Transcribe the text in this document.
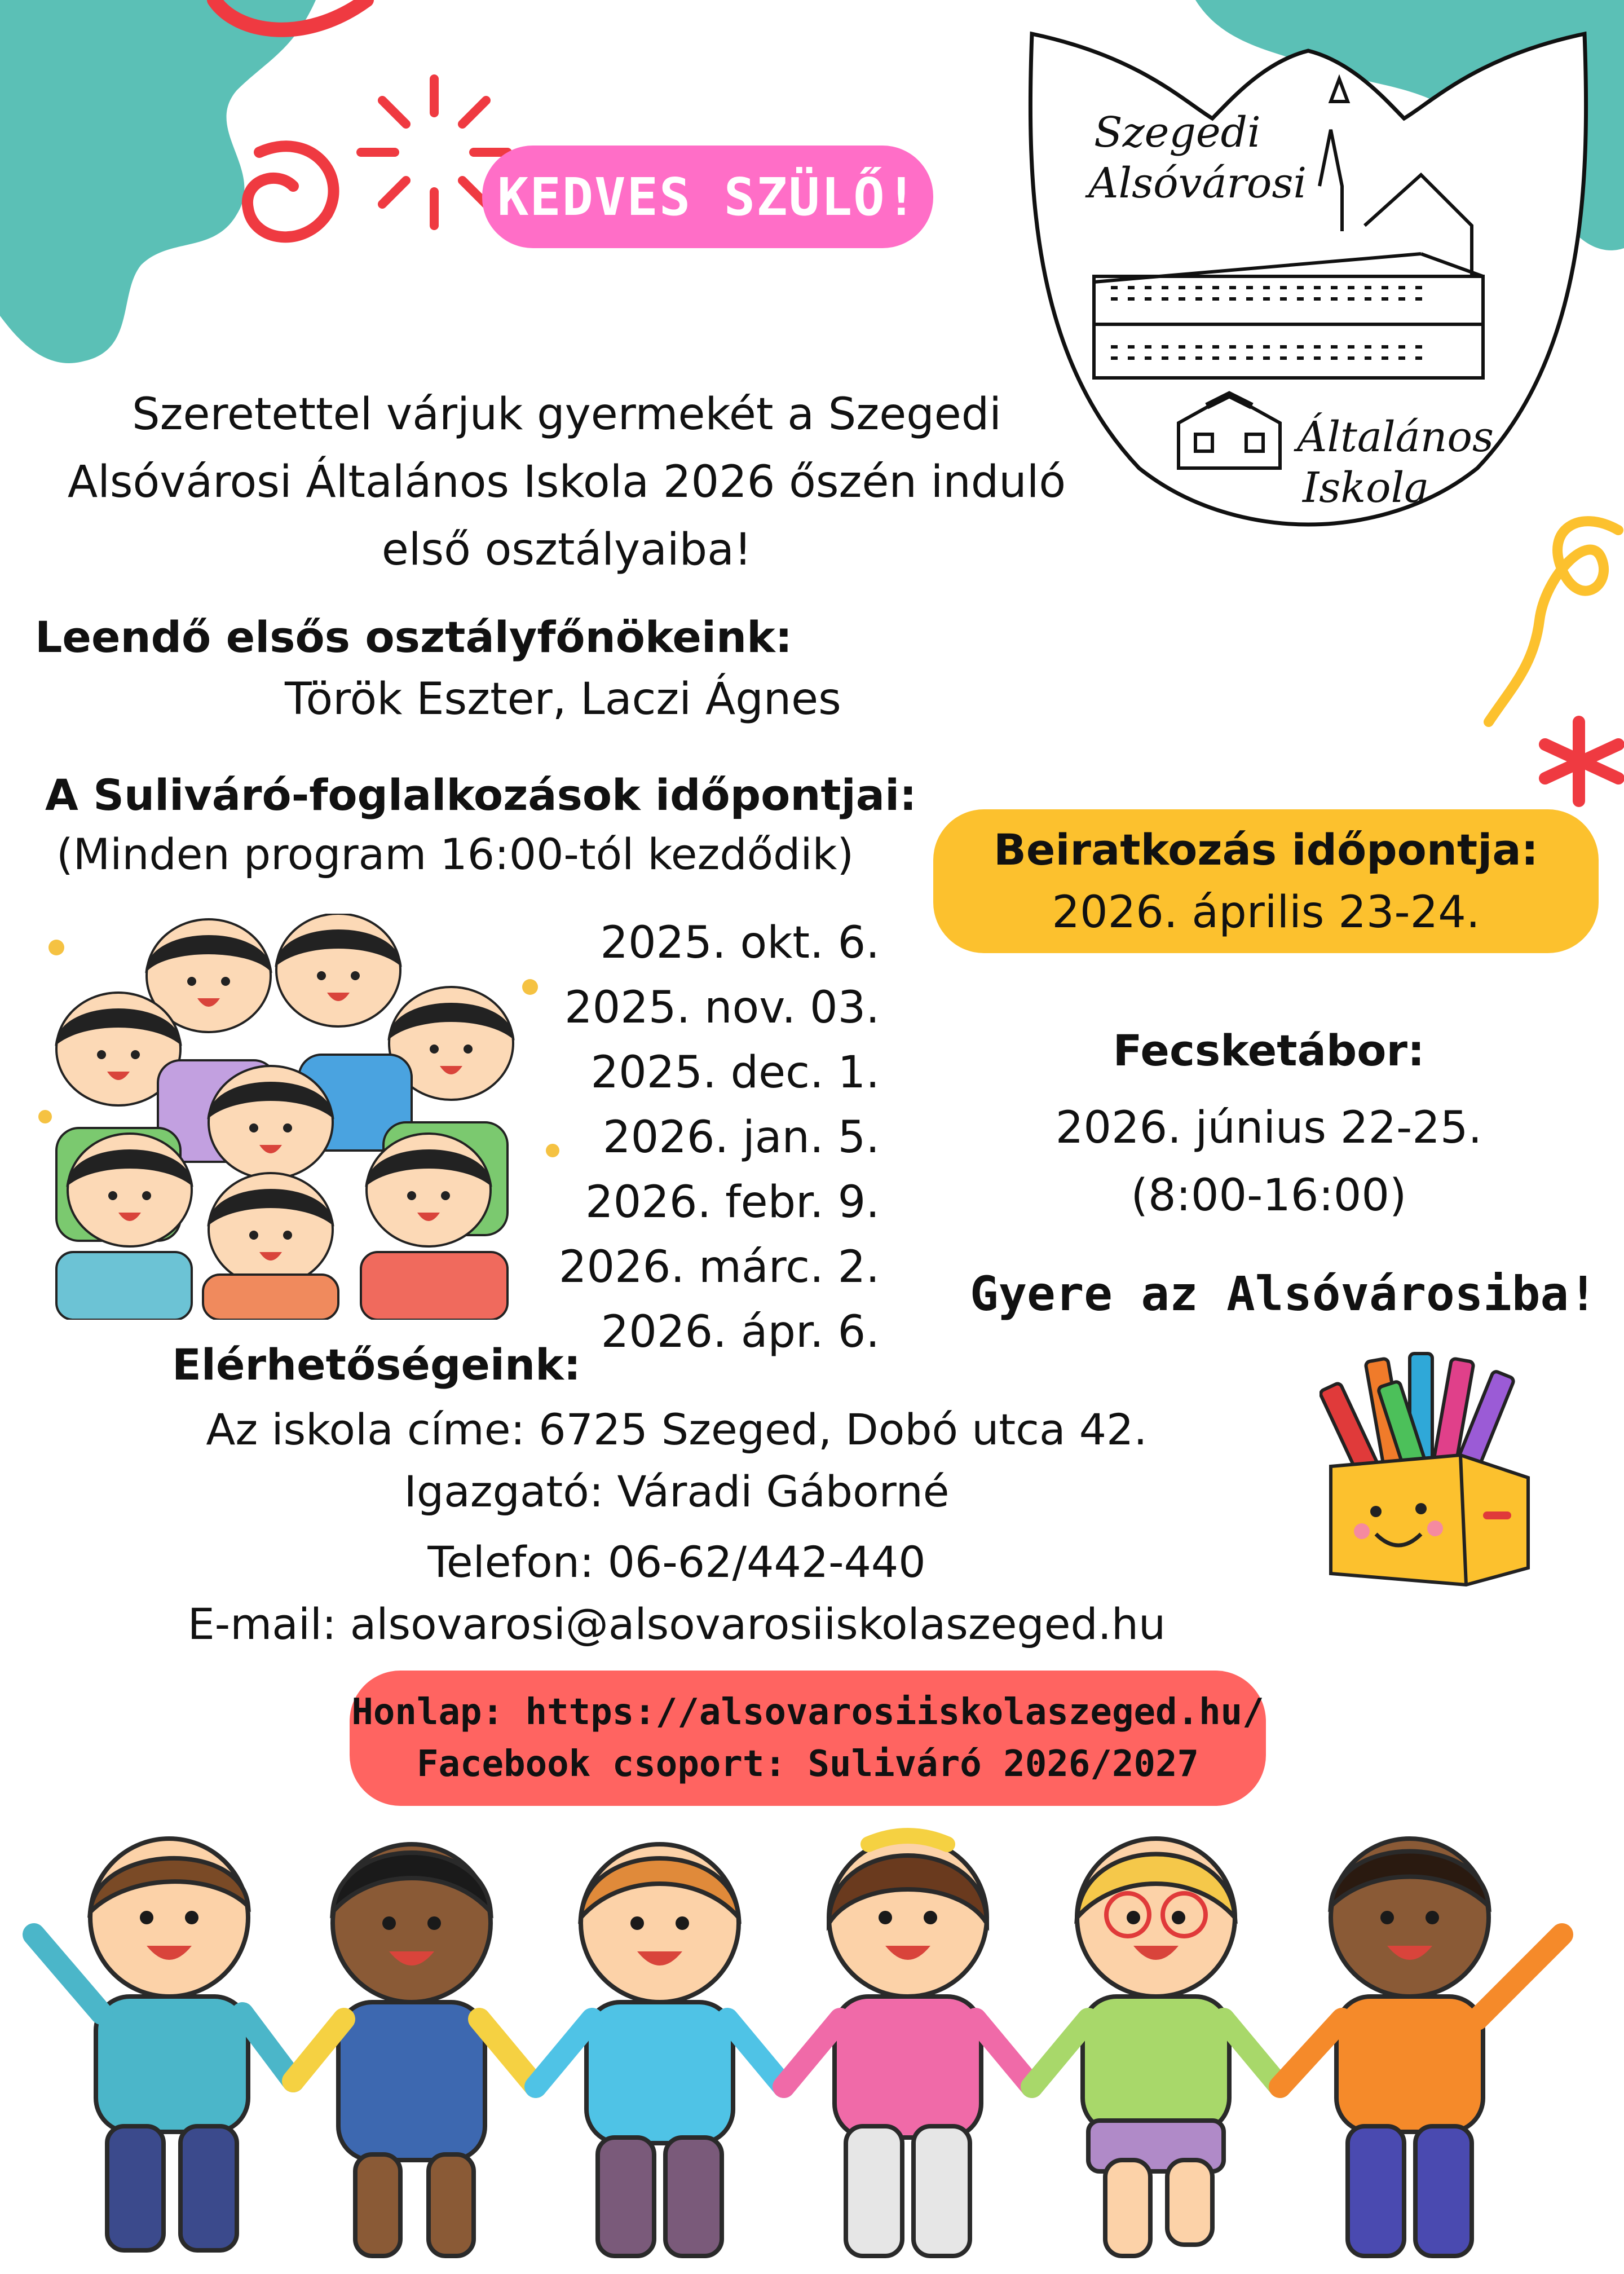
KEDVES SZÜLŐ!
Szegedi
Alsóvárosi
Általános
Iskola
Szeretettel várjuk gyermekét a Szegedi
Alsóvárosi Általános Iskola 2026 őszén induló
első osztályaiba!
Leendő elsős osztályfőnökeink:
Török Eszter, Laczi Ágnes
A Suliváró-foglalkozások időpontjai:
(Minden program 16:00-tól kezdődik)
2025. okt. 6.
2025. nov. 03.
2025. dec. 1.
2026. jan. 5.
2026. febr. 9.
2026. márc. 2.
2026. ápr. 6.
Beiratkozás időpontja:
2026. április 23-24.
Fecsketábor:
2026. június 22-25.
(8:00-16:00)
Gyere az Alsóvárosiba!
Elérhetőségeink:
Az iskola címe: 6725 Szeged, Dobó utca 42.
Igazgató: Váradi Gáborné
Telefon: 06-62/442-440
E-mail: alsovarosi@alsovarosiiskolaszeged.hu
Honlap: https://alsovarosiiskolaszeged.hu/
Facebook csoport: Suliváró 2026/2027
